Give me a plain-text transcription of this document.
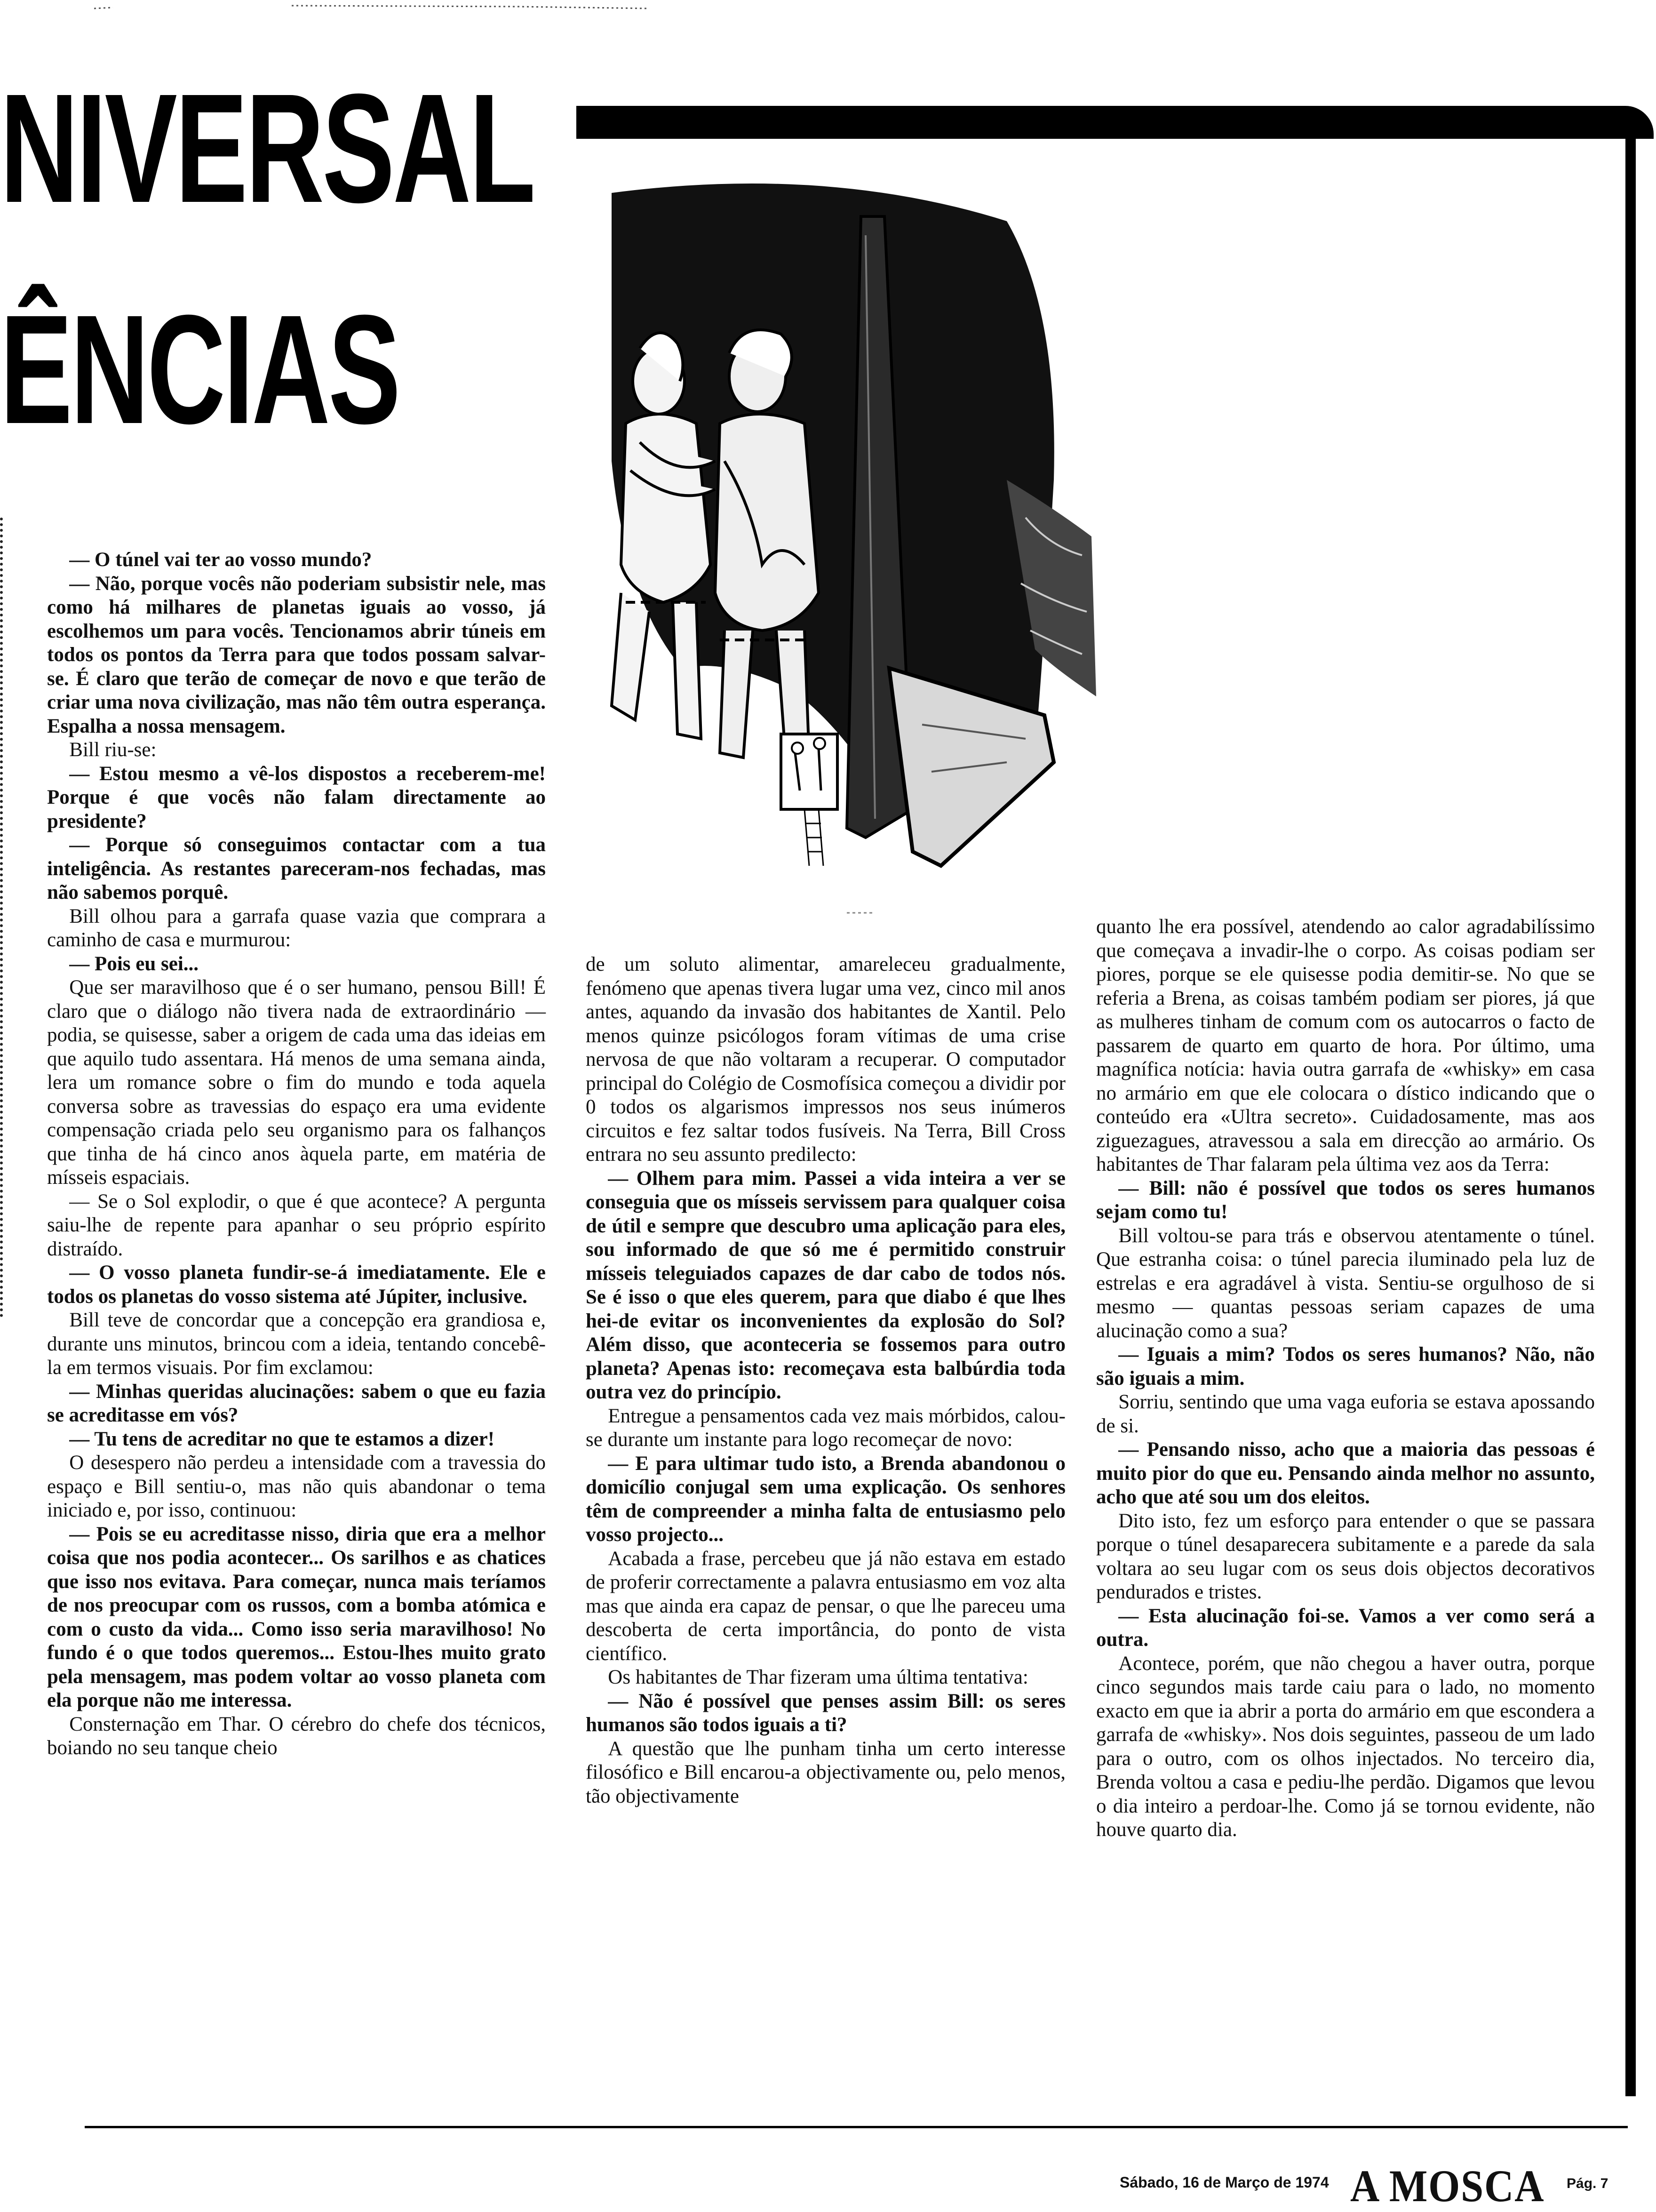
NIVERSAL
ÊNCIAS

— O túnel vai ter ao vosso mundo?

— Não, porque vocês não poderiam subsistir nele, mas como há milhares de planetas iguais ao vosso, já escolhemos um para vocês. Tencionamos abrir túneis em todos os pontos da Terra para que todos possam salvar-se. É claro que terão de começar de novo e que terão de criar uma nova civilização, mas não têm outra esperança. Espalha a nossa mensagem.

Bill riu-se:

— Estou mesmo a vê-los dispostos a receberem-me! Porque é que vocês não falam directamente ao presidente?

— Porque só conseguimos contactar com a tua inteligência. As restantes pareceram-nos fechadas, mas não sabemos porquê.

Bill olhou para a garrafa quase vazia que comprara a caminho de casa e murmurou:

— Pois eu sei...

Que ser maravilhoso que é o ser humano, pensou Bill! É claro que o diálogo não tivera nada de extraordinário — podia, se quisesse, saber a origem de cada uma das ideias em que aquilo tudo assentara. Há menos de uma semana ainda, lera um romance sobre o fim do mundo e toda aquela conversa sobre as travessias do espaço era uma evidente compensação criada pelo seu organismo para os falhanços que tinha de há cinco anos àquela parte, em matéria de mísseis espaciais.

— Se o Sol explodir, o que é que acontece? A pergunta saiu-lhe de repente para apanhar o seu próprio espírito distraído.

— O vosso planeta fundir-se-á imediatamente. Ele e todos os planetas do vosso sistema até Júpiter, inclusive.

Bill teve de concordar que a concepção era grandiosa e, durante uns minutos, brincou com a ideia, tentando concebê-la em termos visuais. Por fim exclamou:

— Minhas queridas alucinações: sabem o que eu fazia se acreditasse em vós?

— Tu tens de acreditar no que te estamos a dizer!

O desespero não perdeu a intensidade com a travessia do espaço e Bill sentiu-o, mas não quis abandonar o tema iniciado e, por isso, continuou:

— Pois se eu acreditasse nisso, diria que era a melhor coisa que nos podia acontecer... Os sarilhos e as chatices que isso nos evitava. Para começar, nunca mais teríamos de nos preocupar com os russos, com a bomba atómica e com o custo da vida... Como isso seria maravilhoso! No fundo é o que todos queremos... Estou-lhes muito grato pela mensagem, mas podem voltar ao vosso planeta com ela porque não me interessa.

Consternação em Thar. O cérebro do chefe dos técnicos, boiando no seu tanque cheio

de um soluto alimentar, amareleceu gradualmente, fenómeno que apenas tivera lugar uma vez, cinco mil anos antes, aquando da invasão dos habitantes de Xantil. Pelo menos quinze psicólogos foram vítimas de uma crise nervosa de que não voltaram a recuperar. O computador principal do Colégio de Cosmofísica começou a dividir por 0 todos os algarismos impressos nos seus inúmeros circuitos e fez saltar todos fusíveis. Na Terra, Bill Cross entrara no seu assunto predilecto:

— Olhem para mim. Passei a vida inteira a ver se conseguia que os mísseis servissem para qualquer coisa de útil e sempre que descubro uma aplicação para eles, sou informado de que só me é permitido construir mísseis teleguiados capazes de dar cabo de todos nós. Se é isso o que eles querem, para que diabo é que lhes hei-de evitar os inconvenientes da explosão do Sol? Além disso, que aconteceria se fossemos para outro planeta? Apenas isto: recomeçava esta balbúrdia toda outra vez do princípio.

Entregue a pensamentos cada vez mais mórbidos, calou-se durante um instante para logo recomeçar de novo:

— E para ultimar tudo isto, a Brenda abandonou o domicílio conjugal sem uma explicação. Os senhores têm de compreender a minha falta de entusiasmo pelo vosso projecto...

Acabada a frase, percebeu que já não estava em estado de proferir correctamente a palavra entusiasmo em voz alta mas que ainda era capaz de pensar, o que lhe pareceu uma descoberta de certa importância, do ponto de vista científico.

Os habitantes de Thar fizeram uma última tentativa:

— Não é possível que penses assim Bill: os seres humanos são todos iguais a ti?

A questão que lhe punham tinha um certo interesse filosófico e Bill encarou-a objectivamente ou, pelo menos, tão objectivamente

quanto lhe era possível, atendendo ao calor agradabilíssimo que começava a invadir-lhe o corpo. As coisas podiam ser piores, porque se ele quisesse podia demitir-se. No que se referia a Brena, as coisas também podiam ser piores, já que as mulheres tinham de comum com os autocarros o facto de passarem de quarto em quarto de hora. Por último, uma magnífica notícia: havia outra garrafa de «whisky» em casa no armário em que ele colocara o dístico indicando que o conteúdo era «Ultra secreto». Cuidadosamente, mas aos ziguezagues, atravessou a sala em direcção ao armário. Os habitantes de Thar falaram pela última vez aos da Terra:

— Bill: não é possível que todos os seres humanos sejam como tu!

Bill voltou-se para trás e observou atentamente o túnel. Que estranha coisa: o túnel parecia iluminado pela luz de estrelas e era agradável à vista. Sentiu-se orgulhoso de si mesmo — quantas pessoas seriam capazes de uma alucinação como a sua?

— Iguais a mim? Todos os seres humanos? Não, não são iguais a mim.

Sorriu, sentindo que uma vaga euforia se estava apossando de si.

— Pensando nisso, acho que a maioria das pessoas é muito pior do que eu. Pensando ainda melhor no assunto, acho que até sou um dos eleitos.

Dito isto, fez um esforço para entender o que se passara porque o túnel desaparecera subitamente e a parede da sala voltara ao seu lugar com os seus dois objectos decorativos pendurados e tristes.

— Esta alucinação foi-se. Vamos a ver como será a outra.

Acontece, porém, que não chegou a haver outra, porque cinco segundos mais tarde caiu para o lado, no momento exacto em que ia abrir a porta do armário em que escondera a garrafa de «whisky». Nos dois seguintes, passeou de um lado para o outro, com os olhos injectados. No terceiro dia, Brenda voltou a casa e pediu-lhe perdão. Digamos que levou o dia inteiro a perdoar-lhe. Como já se tornou evidente, não houve quarto dia.

Sábado, 16 de Março de 1974 A MOSCA Pág. 7
